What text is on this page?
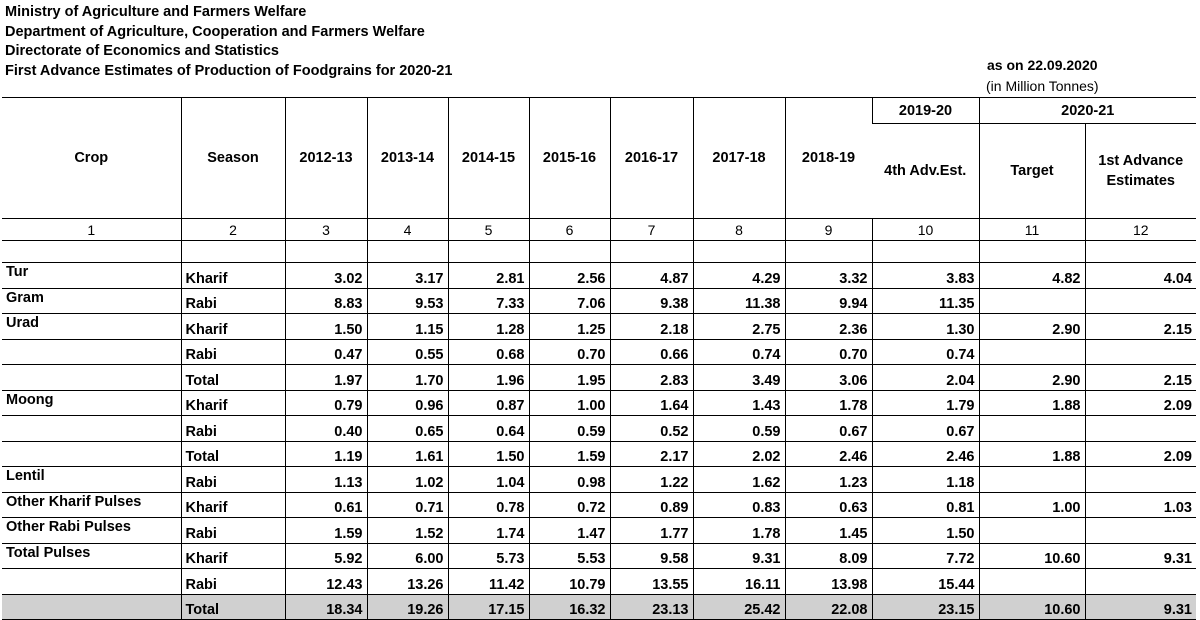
Ministry of Agriculture and Farmers Welfare
Department of Agriculture, Cooperation and Farmers Welfare
Directorate of Economics and Statistics
First Advance Estimates of Production of Foodgrains for 2020-21	as on 22.09.2020
(in Million Tonnes)
Crop	Season	2012-13	2013-14	2014-15	2015-16	2016-17	2017-18	2018-19	2019-20	2020-21	
									4th Adv.Est.	Target	1st Advance Estimates
1	2	3	4	5	6	7	8	9	10	11	12

Tur	Kharif	3.02	3.17	2.81	2.56	4.87	4.29	3.32	3.83	4.82	4.04
Gram	Rabi	8.83	9.53	7.33	7.06	9.38	11.38	9.94	11.35		
Urad	Kharif	1.50	1.15	1.28	1.25	2.18	2.75	2.36	1.30	2.90	2.15
	Rabi	0.47	0.55	0.68	0.70	0.66	0.74	0.70	0.74		
	Total	1.97	1.70	1.96	1.95	2.83	3.49	3.06	2.04	2.90	2.15
Moong	Kharif	0.79	0.96	0.87	1.00	1.64	1.43	1.78	1.79	1.88	2.09
	Rabi	0.40	0.65	0.64	0.59	0.52	0.59	0.67	0.67		
	Total	1.19	1.61	1.50	1.59	2.17	2.02	2.46	2.46	1.88	2.09
Lentil	Rabi	1.13	1.02	1.04	0.98	1.22	1.62	1.23	1.18		
Other Kharif Pulses	Kharif	0.61	0.71	0.78	0.72	0.89	0.83	0.63	0.81	1.00	1.03
Other Rabi Pulses	Rabi	1.59	1.52	1.74	1.47	1.77	1.78	1.45	1.50		
Total Pulses	Kharif	5.92	6.00	5.73	5.53	9.58	9.31	8.09	7.72	10.60	9.31
	Rabi	12.43	13.26	11.42	10.79	13.55	16.11	13.98	15.44		
	Total	18.34	19.26	17.15	16.32	23.13	25.42	22.08	23.15	10.60	9.31
